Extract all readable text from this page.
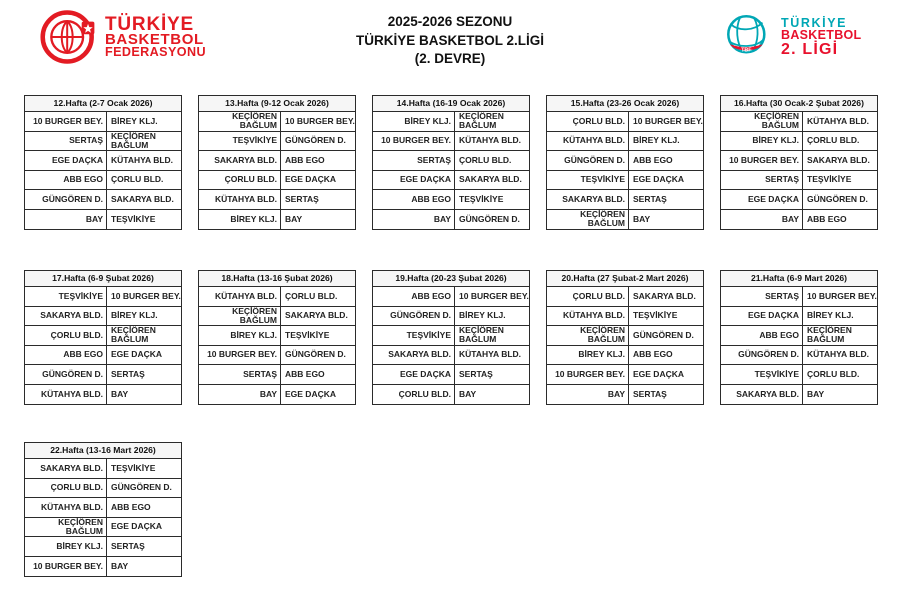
TÜRKİYE
BASKETBOL
FEDERASYONU
2025-2026 SEZONU
TÜRKİYE BASKETBOL 2.LİGİ
(2. DEVRE)
TBF
TÜRKİYE
BASKETBOL
2. LİGİ
12.Hafta (2-7 Ocak 2026)
10 BURGER BEY. BİREY KLJ.
SERTAŞ KEÇİÖREN BAĞLUM
EGE DAÇKA KÜTAHYA BLD.
ABB EGO ÇORLU BLD.
GÜNGÖREN D. SAKARYA BLD.
BAY TEŞVİKİYE
13.Hafta (9-12 Ocak 2026)
KEÇİÖREN BAĞLUM 10 BURGER BEY.
TEŞVİKİYE GÜNGÖREN D.
SAKARYA BLD. ABB EGO
ÇORLU BLD. EGE DAÇKA
KÜTAHYA BLD. SERTAŞ
BİREY KLJ. BAY
14.Hafta (16-19 Ocak 2026)
BİREY KLJ. KEÇİÖREN BAĞLUM
10 BURGER BEY. KÜTAHYA BLD.
SERTAŞ ÇORLU BLD.
EGE DAÇKA SAKARYA BLD.
ABB EGO TEŞVİKİYE
BAY GÜNGÖREN D.
15.Hafta (23-26 Ocak 2026)
ÇORLU BLD. 10 BURGER BEY.
KÜTAHYA BLD. BİREY KLJ.
GÜNGÖREN D. ABB EGO
TEŞVİKİYE EGE DAÇKA
SAKARYA BLD. SERTAŞ
KEÇİÖREN BAĞLUM BAY
16.Hafta (30 Ocak-2 Şubat 2026)
KEÇİÖREN BAĞLUM KÜTAHYA BLD.
BİREY KLJ. ÇORLU BLD.
10 BURGER BEY. SAKARYA BLD.
SERTAŞ TEŞVİKİYE
EGE DAÇKA GÜNGÖREN D.
BAY ABB EGO
17.Hafta (6-9 Şubat 2026)
TEŞVİKİYE 10 BURGER BEY.
SAKARYA BLD. BİREY KLJ.
ÇORLU BLD. KEÇİÖREN BAĞLUM
ABB EGO EGE DAÇKA
GÜNGÖREN D. SERTAŞ
KÜTAHYA BLD. BAY
18.Hafta (13-16 Şubat 2026)
KÜTAHYA BLD. ÇORLU BLD.
KEÇİÖREN BAĞLUM SAKARYA BLD.
BİREY KLJ. TEŞVİKİYE
10 BURGER BEY. GÜNGÖREN D.
SERTAŞ ABB EGO
BAY EGE DAÇKA
19.Hafta (20-23 Şubat 2026)
ABB EGO 10 BURGER BEY.
GÜNGÖREN D. BİREY KLJ.
TEŞVİKİYE KEÇİÖREN BAĞLUM
SAKARYA BLD. KÜTAHYA BLD.
EGE DAÇKA SERTAŞ
ÇORLU BLD. BAY
20.Hafta (27 Şubat-2 Mart 2026)
ÇORLU BLD. SAKARYA BLD.
KÜTAHYA BLD. TEŞVİKİYE
KEÇİÖREN BAĞLUM GÜNGÖREN D.
BİREY KLJ. ABB EGO
10 BURGER BEY. EGE DAÇKA
BAY SERTAŞ
21.Hafta (6-9 Mart 2026)
SERTAŞ 10 BURGER BEY.
EGE DAÇKA BİREY KLJ.
ABB EGO KEÇİÖREN BAĞLUM
GÜNGÖREN D. KÜTAHYA BLD.
TEŞVİKİYE ÇORLU BLD.
SAKARYA BLD. BAY
22.Hafta (13-16 Mart 2026)
SAKARYA BLD. TEŞVİKİYE
ÇORLU BLD. GÜNGÖREN D.
KÜTAHYA BLD. ABB EGO
KEÇİÖREN BAĞLUM EGE DAÇKA
BİREY KLJ. SERTAŞ
10 BURGER BEY. BAY
